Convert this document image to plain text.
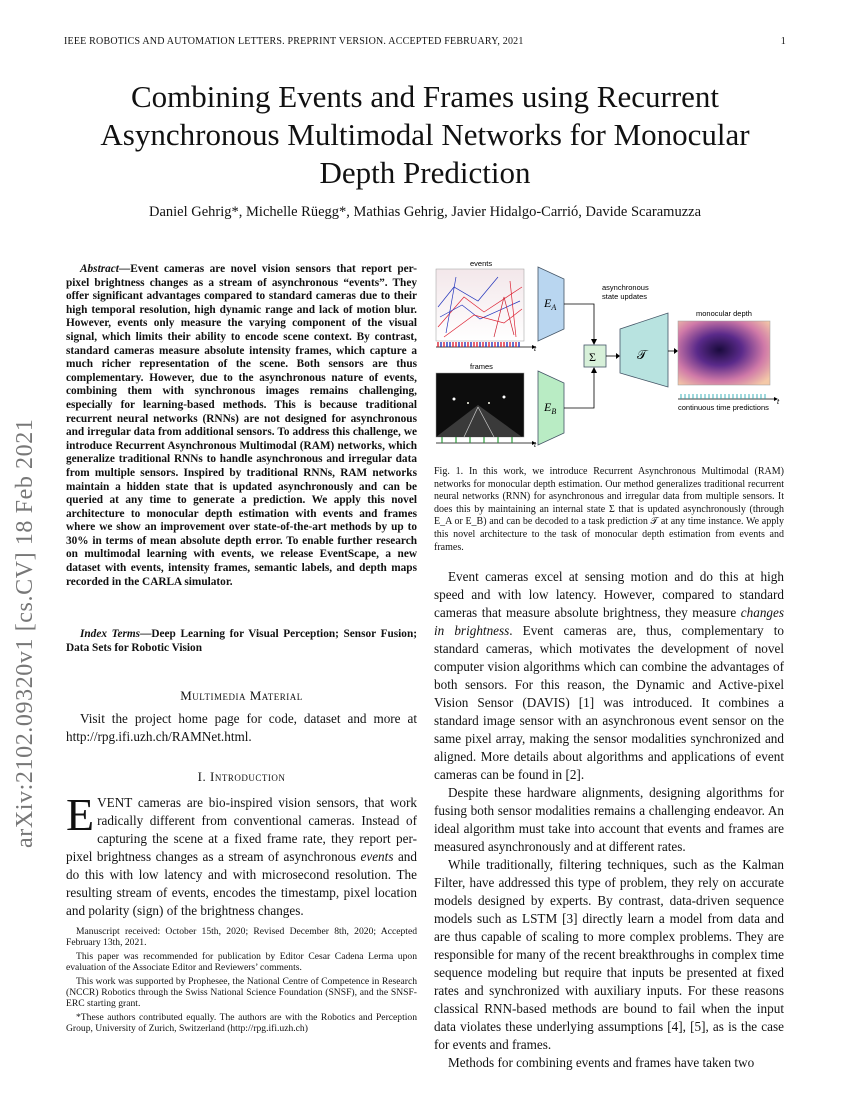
IEEE ROBOTICS AND AUTOMATION LETTERS. PREPRINT VERSION. ACCEPTED FEBRUARY, 2021	1
Combining Events and Frames using Recurrent Asynchronous Multimodal Networks for Monocular Depth Prediction
Daniel Gehrig*, Michelle Rüegg*, Mathias Gehrig, Javier Hidalgo-Carrió, Davide Scaramuzza
arXiv:2102.09320v1 [cs.CV] 18 Feb 2021
Abstract—Event cameras are novel vision sensors that report per-pixel brightness changes as a stream of asynchronous “events”. They offer significant advantages compared to standard cameras due to their high temporal resolution, high dynamic range and lack of motion blur. However, events only measure the varying component of the visual signal, which limits their ability to encode scene context. By contrast, standard cameras measure absolute intensity frames, which capture a much richer representation of the scene. Both sensors are thus complementary. However, due to the asynchronous nature of events, combining them with synchronous images remains challenging, especially for learning-based methods. This is because traditional recurrent neural networks (RNNs) are not designed for asynchronous and irregular data from additional sensors. To address this challenge, we introduce Recurrent Asynchronous Multimodal (RAM) networks, which generalize traditional RNNs to handle asynchronous and irregular data from multiple sensors. Inspired by traditional RNNs, RAM networks maintain a hidden state that is updated asynchronously and can be queried at any time to generate a prediction. We apply this novel architecture to monocular depth estimation with events and frames where we show an improvement over state-of-the-art methods by up to 30% in terms of mean absolute depth error. To enable further research on multimodal learning with events, we release EventScape, a new dataset with events, intensity frames, semantic labels, and depth maps recorded in the CARLA simulator.
Index Terms—Deep Learning for Visual Perception; Sensor Fusion; Data Sets for Robotic Vision
Multimedia Material
Visit the project home page for code, dataset and more at http://rpg.ifi.uzh.ch/RAMNet.html.
I. Introduction
EVENT cameras are bio-inspired vision sensors, that work radically different from conventional cameras. Instead of capturing the scene at a fixed frame rate, they report per-pixel brightness changes as a stream of asynchronous events and do this with low latency and with microsecond resolution. The resulting stream of events, encodes the timestamp, pixel location and polarity (sign) of the brightness changes.

Manuscript received: October 15th, 2020; Revised December 8th, 2020; Accepted February 13th, 2021.

This paper was recommended for publication by Editor Cesar Cadena Lerma upon evaluation of the Associate Editor and Reviewers’ comments.

This work was supported by Prophesee, the National Centre of Competence in Research (NCCR) Robotics through the Swiss National Science Foundation (SNSF), and the SNSF-ERC starting grant.

*These authors contributed equally. The authors are with the Robotics and Perception Group, University of Zurich, Switzerland (http://rpg.ifi.uzh.ch)

events
t
frames
t
$E_A$
$E_B$
asynchronous
state updates
Σ	𝒯
monocular depth
t
continuous time predictions
Fig. 1. In this work, we introduce Recurrent Asynchronous Multimodal (RAM) networks for monocular depth estimation. Our method generalizes traditional recurrent neural networks (RNN) for asynchronous and irregular data from multiple sensors. It does this by maintaining an internal state Σ that is updated asynchronously (through E_A or E_B) and can be decoded to a task prediction 𝒯 at any time instance. We apply this novel architecture to the task of monocular depth estimation from events and frames.

Event cameras excel at sensing motion and do this at high speed and with low latency. However, compared to standard cameras that measure absolute brightness, they measure changes in brightness. Event cameras are, thus, complementary to standard cameras, which motivates the development of novel computer vision algorithms which can combine the advantages of both sensors. For this reason, the Dynamic and Active-pixel Vision Sensor (DAVIS) [1] was introduced. It combines a standard image sensor with an asynchronous event sensor on the same pixel array, making the sensor modalities synchronized and aligned. More details about algorithms and applications of event cameras can be found in [2].

Despite these hardware alignments, designing algorithms for fusing both sensor modalities remains a challenging endeavor. An ideal algorithm must take into account that events and frames are measured asynchronously and at different rates.

While traditionally, filtering techniques, such as the Kalman Filter, have addressed this type of problem, they rely on accurate models designed by experts. By contrast, data-driven sequence models such as LSTM [3] directly learn a model from data and are thus capable of scaling to more complex problems. They are responsible for many of the recent breakthroughs in complex time sequence modeling but require that inputs be presented at fixed rates and synchronized with auxiliary inputs. For these reasons classical RNN-based methods are bound to fail when the input data violates these underlying assumptions [4], [5], as is the case for events and frames.

Methods for combining events and frames have taken two
